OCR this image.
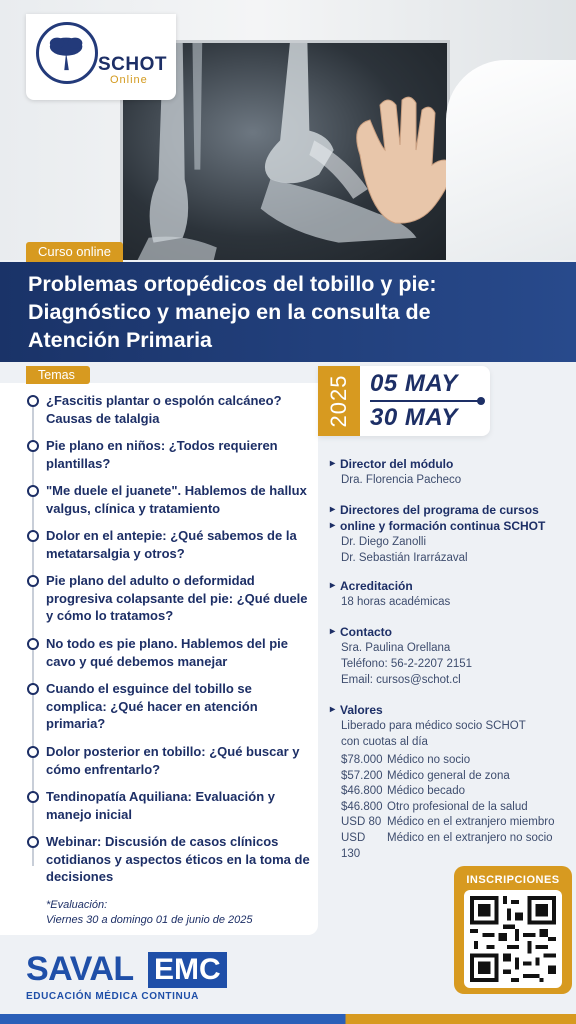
SCHOT
Online
Curso online
Problemas ortopédicos del tobillo y pie:
Diagnóstico y manejo en la consulta de
Atención Primaria
¿Fascitis plantar o espolón calcáneo? Causas de talalgia
Pie plano en niños: ¿Todos requieren plantillas?
"Me duele el juanete". Hablemos de hallux valgus, clínica y tratamiento
Dolor en el antepie: ¿Qué sabemos de la metatarsalgia y otros?
Pie plano del adulto o deformidad progresiva colapsante del pie: ¿Qué duele y cómo lo tratamos?
No todo es pie plano. Hablemos del pie cavo y qué debemos manejar
Cuando el esguince del tobillo se complica: ¿Qué hacer en atención primaria?
Dolor posterior en tobillo: ¿Qué buscar y cómo enfrentarlo?
Tendinopatía Aquiliana: Evaluación y manejo inicial
Webinar: Discusión de casos clínicos cotidianos y aspectos éticos en la toma de decisiones
*Evaluación:
Viernes 30 a domingo 01 de junio de 2025
Temas	2025 05 MAY
30 MAY
▸ Director del módulo
Dra. Florencia Pacheco
▸ Directores del programa de cursos
▸ online y formación continua SCHOT
Dr. Diego Zanolli
Dr. Sebastián Irarrázaval
▸ Acreditación
18 horas académicas
▸ Contacto
Sra. Paulina Orellana
Teléfono: 56-2-2207 2151
Email: cursos@schot.cl
▸ Valores
Liberado para médico socio SCHOT
con cuotas al día
$78.000 Médico no socio
$57.200 Médico general de zona
$46.800 Médico becado
$46.800 Otro profesional de la salud
USD 80 Médico en el extranjero miembro
USD 130
Médico en el extranjero no socio
INSCRIPCIONES
SAVAL EMC
EDUCACIÓN MÉDICA CONTINUA
